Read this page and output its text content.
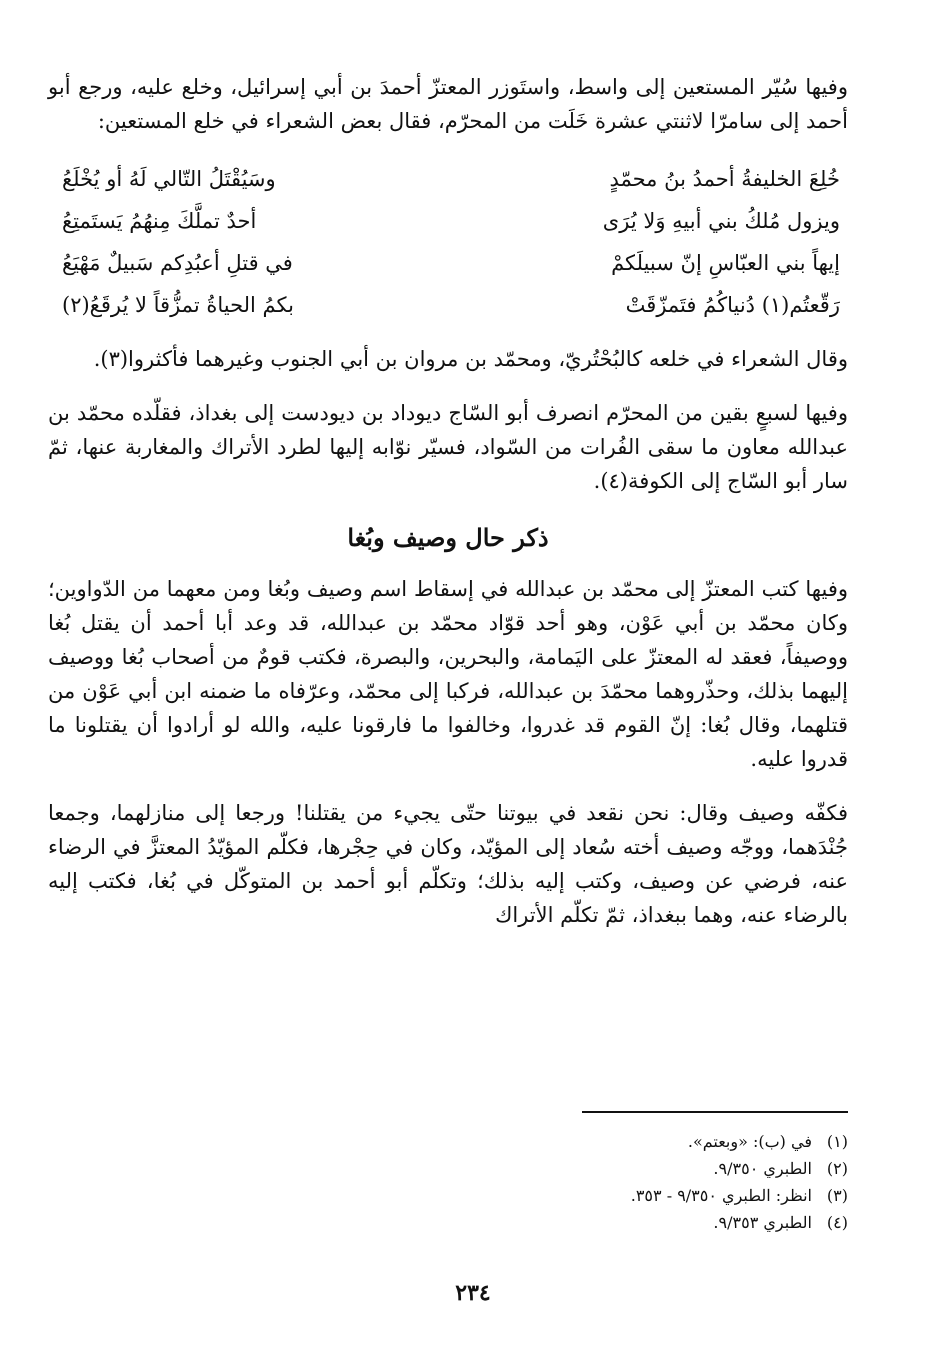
وفيها سُيّر المستعين إلى واسط، واستَوزر المعتزّ أحمدَ بن أبي إسرائيل، وخلع عليه، ورجع أبو أحمد إلى سامرّا لاثنتي عشرة خَلَت من المحرّم، فقال بعض الشعراء في خلع المستعين:

خُلِعَ الخليفةُ أحمدُ بنُ محمّدٍ
وسَيُقْتَلُ التّالي لَهُ أو يُخْلَعُ
ويزول مُلكُ بني أبيهِ وَلا يُرَى
أحدٌ تملَّكَ مِنهُمُ يَستَمتِعُ
إيهاً بني العبّاسِ إنّ سبيلَكمْ
في قتلِ أعبُدِكم سَبيلٌ مَهْيَعُ
رَقّعتُم(١) دُنياكُمُ فتَمزّقَتْ
بكمُ الحياةُ تمزُّقاً لا يُرقَعُ(٢)

وقال الشعراء في خلعه كالبُحْتُريّ، ومحمّد بن مروان بن أبي الجنوب وغيرهما فأكثروا(٣).

وفيها لسبعٍ بقين من المحرّم انصرف أبو السّاج ديوداد بن ديودست إلى بغداذ، فقلّده محمّد بن عبدالله معاون ما سقى الفُرات من السّواد، فسيّر نوّابه إليها لطرد الأتراك والمغاربة عنها، ثمّ سار أبو السّاج إلى الكوفة(٤).

ذكر حال وصيف وبُغا

وفيها كتب المعتزّ إلى محمّد بن عبدالله في إسقاط اسم وصيف وبُغا ومن معهما من الدّواوين؛ وكان محمّد بن أبي عَوْن، وهو أحد قوّاد محمّد بن عبدالله، قد وعد أبا أحمد أن يقتل بُغا ووصيفاً، فعقد له المعتزّ على اليَمامة، والبحرين، والبصرة، فكتب قومٌ من أصحاب بُغا ووصيف إليهما بذلك، وحذّروهما محمّدَ بن عبدالله، فركبا إلى محمّد، وعرّفاه ما ضمنه ابن أبي عَوْن من قتلهما، وقال بُغا: إنّ القوم قد غدروا، وخالفوا ما فارقونا عليه، والله لو أرادوا أن يقتلونا ما قدروا عليه.

فكفّه وصيف وقال: نحن نقعد في بيوتنا حتّى يجيء من يقتلنا! ورجعا إلى منازلهما، وجمعا جُنْدَهما، ووجّه وصيف أخته سُعاد إلى المؤيّد، وكان في حِجْرها، فكلّم المؤيّدُ المعتزَّ في الرضاء عنه، فرضي عن وصيف، وكتب إليه بذلك؛ وتكلّم أبو أحمد بن المتوكّل في بُغا، فكتب إليه بالرضاء عنه، وهما ببغداذ، ثمّ تكلّم الأتراك

(١)
في (ب): «وبعتم».
(٢)
الطبري ٩/٣٥٠.
(٣)
انظر: الطبري ٩/٣٥٠ - ٣٥٣.
(٤)
الطبري ٩/٣٥٣.
٢٣٤
